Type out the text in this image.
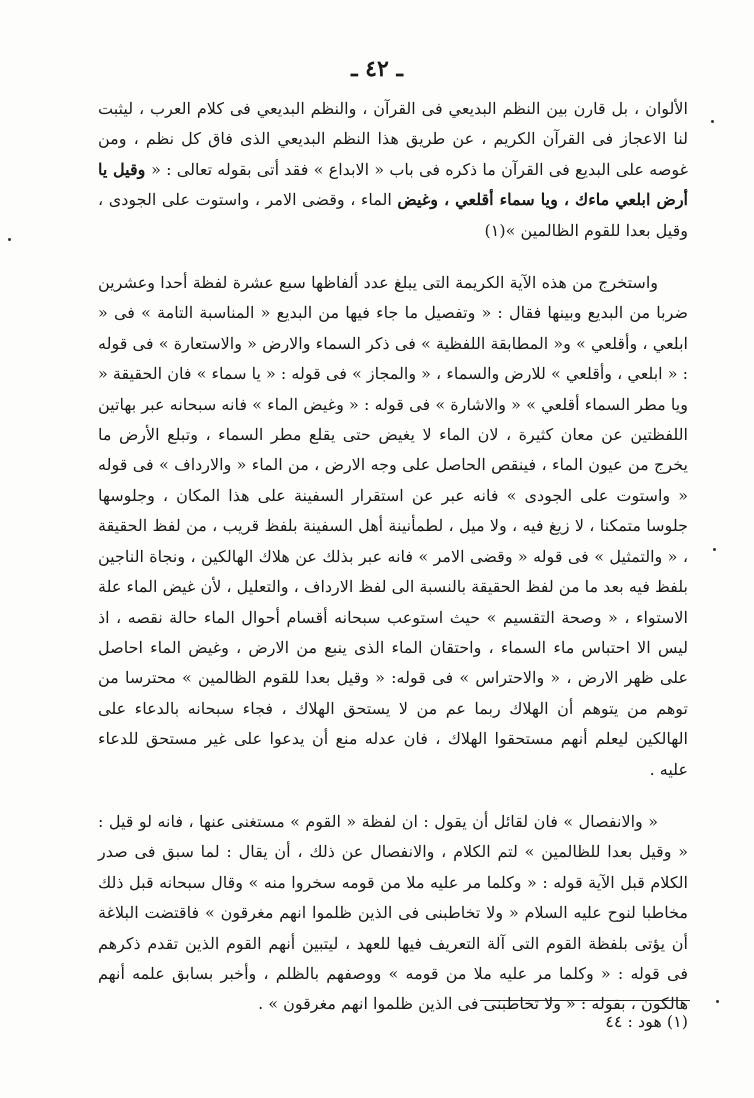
ـ ٤٢ ـ

الألوان ، بل قارن بين النظم البديعي فى القرآن ، والنظم البديعي فى كلام العرب ، ليثبت لنا الاعجاز فى القرآن الكريم ، عن طريق هذا النظم البديعي الذى فاق كل نظم ، ومن غوصه على البديع فى القرآن ما ذكره فى باب « الابداع » فقد أتى بقوله تعالى : « وقيل يا أرض ابلعي ماءك ، ويا سماء أقلعي ، وغيض الماء ، وقضى الامر ، واستوت على الجودى ، وقيل بعدا للقوم الظالمين »(١)

واستخرج من هذه الآية الكريمة التى يبلغ عدد ألفاظها سبع عشرة لفظة أحدا وعشرين ضربا من البديع وبينها فقال : « وتفصيل ما جاء فيها من البديع « المناسبة التامة » فى « ابلعي ، وأقلعي » و« المطابقة اللفظية » فى ذكر السماء والارض « والاستعارة » فى قوله : « ابلعي ، وأقلعي » للارض والسماء ، « والمجاز » فى قوله : « يا سماء » فان الحقيقة « ويا مطر السماء أقلعي » « والاشارة » فى قوله : « وغيض الماء » فانه سبحانه عبر بهاتين اللفظتين عن معان كثيرة ، لان الماء لا يغيض حتى يقلع مطر السماء ، وتبلع الأرض ما يخرج من عيون الماء ، فينقص الحاصل على وجه الارض ، من الماء « والارداف » فى قوله « واستوت على الجودى » فانه عبر عن استقرار السفينة على هذا المكان ، وجلوسها جلوسا متمكنا ، لا زيغ فيه ، ولا ميل ، لطمأنينة أهل السفينة بلفظ قريب ، من لفظ الحقيقة ، « والتمثيل » فى قوله « وقضى الامر » فانه عبر بذلك عن هلاك الهالكين ، ونجاة الناجين بلفظ فيه بعد ما من لفظ الحقيقة بالنسبة الى لفظ الارداف ، والتعليل ، لأن غيض الماء علة الاستواء ، « وصحة التقسيم » حيث استوعب سبحانه أقسام أحوال الماء حالة نقصه ، اذ ليس الا احتباس ماء السماء ، واحتقان الماء الذى ينبع من الارض ، وغيض الماء احاصل على ظهر الارض ، « والاحتراس » فى قوله: « وقيل بعدا للقوم الظالمين » محترسا من توهم من يتوهم أن الهلاك ربما عم من لا يستحق الهلاك ، فجاء سبحانه بالدعاء على الهالكين ليعلم أنهم مستحقوا الهلاك ، فان عدله منع أن يدعوا على غير مستحق للدعاء عليه .

« والانفصال » فان لقائل أن يقول : ان لفظة « القوم » مستغنى عنها ، فانه لو قيل : « وقيل بعدا للظالمين » لتم الكلام ، والانفصال عن ذلك ، أن يقال : لما سبق فى صدر الكلام قبل الآية قوله : « وكلما مر عليه ملا من قومه سخروا منه » وقال سبحانه قبل ذلك مخاطبا لنوح عليه السلام « ولا تخاطبنى فى الذين ظلموا انهم مغرقون » فاقتضت البلاغة أن يؤتى بلفظة القوم التى آلة التعريف فيها للعهد ، ليتبين أنهم القوم الذين تقدم ذكرهم فى قوله : « وكلما مر عليه ملا من قومه » ووصفهم بالظلم ، وأخبر بسابق علمه أنهم هالكون ، بقوله : « ولا تخاطبنى فى الذين ظلموا انهم مغرقون » .

(١) هود : ٤٤
